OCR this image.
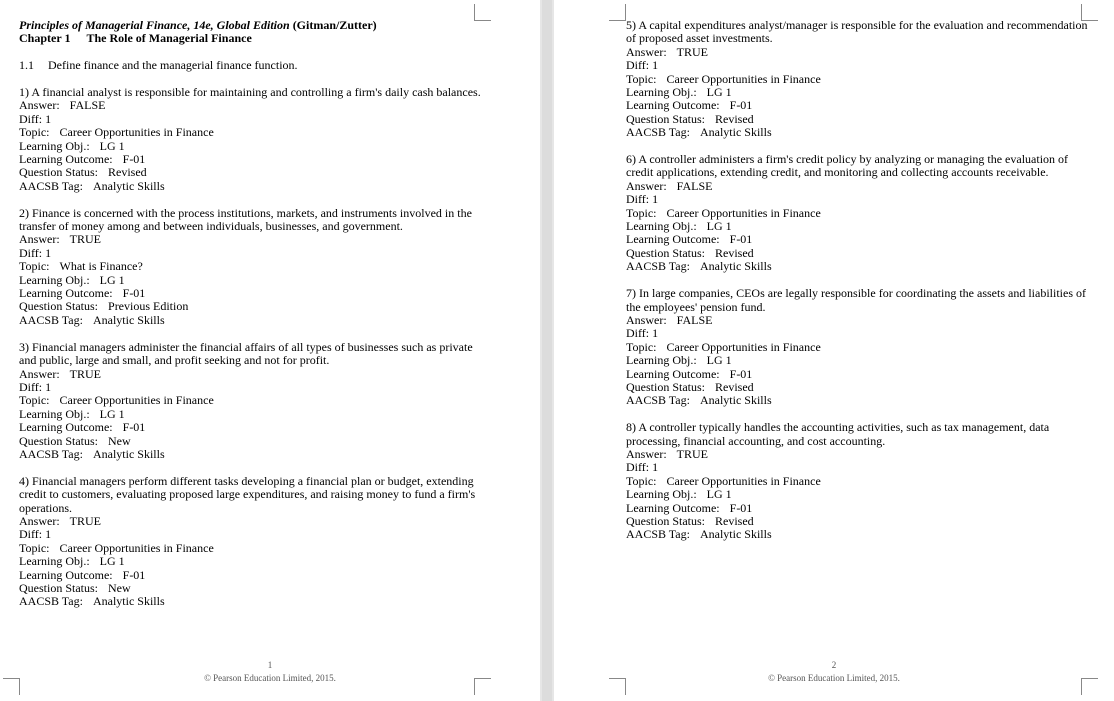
Principles of Managerial Finance, 14e, Global Edition (Gitman/Zutter)
Chapter 1 The Role of Managerial Finance
1.1 Define finance and the managerial finance function.
1) A financial analyst is responsible for maintaining and controlling a firm's daily cash balances.
Answer: FALSE
Diff: 1
Topic: Career Opportunities in Finance
Learning Obj.: LG 1
Learning Outcome: F-01
Question Status: Revised
AACSB Tag: Analytic Skills
2) Finance is concerned with the process institutions, markets, and instruments involved in the
transfer of money among and between individuals, businesses, and government.
Answer: TRUE
Diff: 1
Topic: What is Finance?
Learning Obj.: LG 1
Learning Outcome: F-01
Question Status: Previous Edition
AACSB Tag: Analytic Skills
3) Financial managers administer the financial affairs of all types of businesses such as private
and public, large and small, and profit seeking and not for profit.
Answer: TRUE
Diff: 1
Topic: Career Opportunities in Finance
Learning Obj.: LG 1
Learning Outcome: F-01
Question Status: New
AACSB Tag: Analytic Skills
4) Financial managers perform different tasks developing a financial plan or budget, extending
credit to customers, evaluating proposed large expenditures, and raising money to fund a firm's
operations.
Answer: TRUE
Diff: 1
Topic: Career Opportunities in Finance
Learning Obj.: LG 1
Learning Outcome: F-01
Question Status: New
AACSB Tag: Analytic Skills
1
© Pearson Education Limited, 2015.
5) A capital expenditures analyst/manager is responsible for the evaluation and recommendation
of proposed asset investments.
Answer: TRUE
Diff: 1
Topic: Career Opportunities in Finance
Learning Obj.: LG 1
Learning Outcome: F-01
Question Status: Revised
AACSB Tag: Analytic Skills
6) A controller administers a firm's credit policy by analyzing or managing the evaluation of
credit applications, extending credit, and monitoring and collecting accounts receivable.
Answer: FALSE
Diff: 1
Topic: Career Opportunities in Finance
Learning Obj.: LG 1
Learning Outcome: F-01
Question Status: Revised
AACSB Tag: Analytic Skills
7) In large companies, CEOs are legally responsible for coordinating the assets and liabilities of
the employees' pension fund.
Answer: FALSE
Diff: 1
Topic: Career Opportunities in Finance
Learning Obj.: LG 1
Learning Outcome: F-01
Question Status: Revised
AACSB Tag: Analytic Skills
8) A controller typically handles the accounting activities, such as tax management, data
processing, financial accounting, and cost accounting.
Answer: TRUE
Diff: 1
Topic: Career Opportunities in Finance
Learning Obj.: LG 1
Learning Outcome: F-01
Question Status: Revised
AACSB Tag: Analytic Skills
2
© Pearson Education Limited, 2015.
